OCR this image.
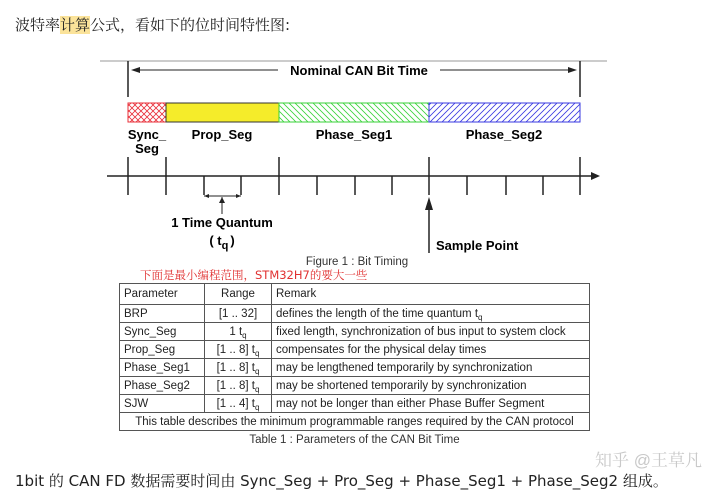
波特率计算公式，看如下的位时间特性图:
Nominal CAN Bit Time
Sync_
Seg
Prop_Seg	Phase_Seg1	Phase_Seg2
1 Time Quantum
( $t_q$ )	Sample Point
Figure 1 : Bit Timing
下面是最小编程范围，STM32H7的要大一些
Parameter	Range	Remark
BRP	[1 .. 32]	defines the length of the time quantum $t_q$
Sync_Seg	1 $t_q$	fixed length, synchronization of bus input to system clock
Prop_Seg	[1 .. 8] $t_q$	compensates for the physical delay times
Phase_Seg1	[1 .. 8] $t_q$	may be lengthened temporarily by synchronization
Phase_Seg2	[1 .. 8] $t_q$	may be shortened temporarily by synchronization
SJW	[1 .. 4] $t_q$	may not be longer than either Phase Buffer Segment
This table describes the minimum programmable ranges required by the CAN protocol		
Table 1 : Parameters of the CAN Bit Time
1bit 的 CAN FD 数据需要时间由 Sync_Seg + Pro_Seg + Phase_Seg1 + Phase_Seg2 组成。
知乎 @王草凡
